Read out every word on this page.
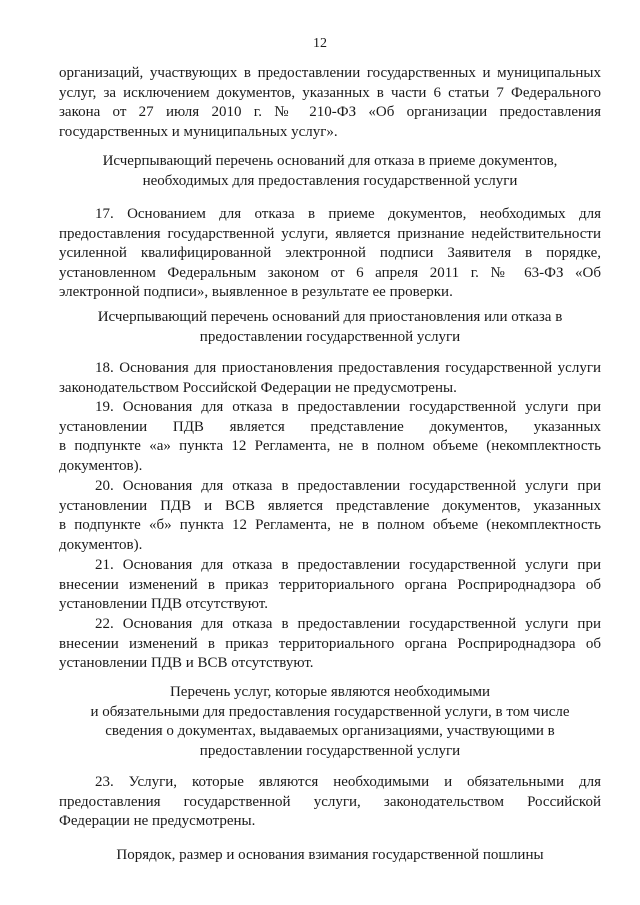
12
организаций, участвующих в предоставлении государственных и муниципальных
услуг, за исключением документов, указанных в части 6 статьи 7 Федерального
закона от 27 июля 2010 г. № 210-ФЗ «Об организации предоставления
государственных и муниципальных услуг».
Исчерпывающий перечень оснований для отказа в приеме документов,
необходимых для предоставления государственной услуги
17. Основанием для отказа в приеме документов, необходимых для
предоставления государственной услуги, является признание недействительности
усиленной квалифицированной электронной подписи Заявителя в порядке,
установленном Федеральным законом от 6 апреля 2011 г. № 63-ФЗ «Об
электронной подписи», выявленное в результате ее проверки.
Исчерпывающий перечень оснований для приостановления или отказа в
предоставлении государственной услуги
18. Основания для приостановления предоставления государственной услуги
законодательством Российской Федерации не предусмотрены.
19. Основания для отказа в предоставлении государственной услуги при
установлении ПДВ является представление документов, указанных
в подпункте «а» пункта 12 Регламента, не в полном объеме (некомплектность
документов).
20. Основания для отказа в предоставлении государственной услуги при
установлении ПДВ и ВСВ является представление документов, указанных
в подпункте «б» пункта 12 Регламента, не в полном объеме (некомплектность
документов).
21. Основания для отказа в предоставлении государственной услуги при
внесении изменений в приказ территориального органа Росприроднадзора об
установлении ПДВ отсутствуют.
22. Основания для отказа в предоставлении государственной услуги при
внесении изменений в приказ территориального органа Росприроднадзора об
установлении ПДВ и ВСВ отсутствуют.
Перечень услуг, которые являются необходимыми
и обязательными для предоставления государственной услуги, в том числе
сведения о документах, выдаваемых организациями, участвующими в
предоставлении государственной услуги
23. Услуги, которые являются необходимыми и обязательными для
предоставления государственной услуги, законодательством Российской
Федерации не предусмотрены.
Порядок, размер и основания взимания государственной пошлины
